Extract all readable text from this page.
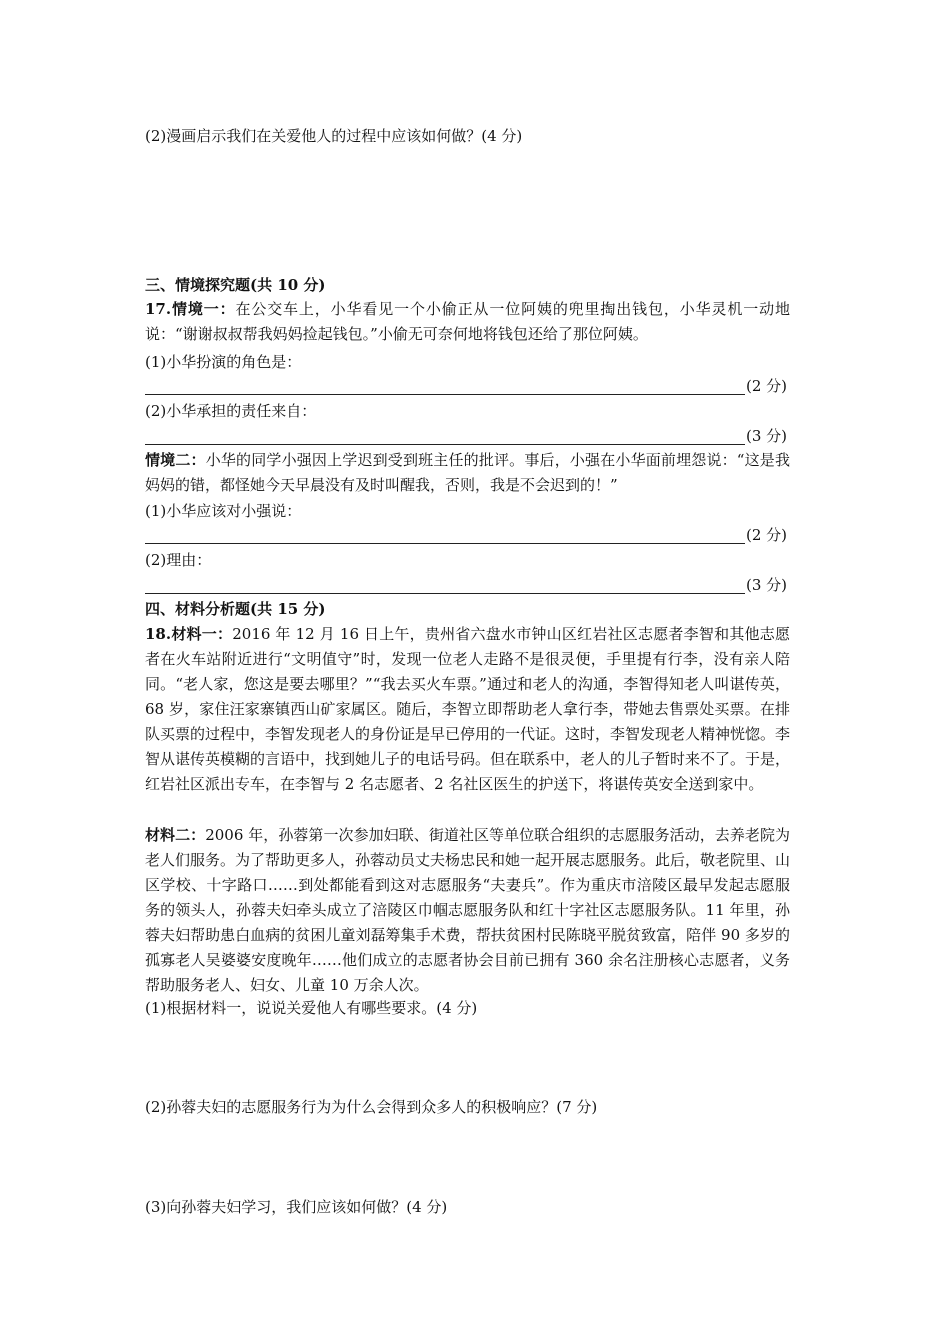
(2)漫画启示我们在关爱他人的过程中应该如何做？(4 分)
三、情境探究题(共 10 分)
17.情境一：在公交车上，小华看见一个小偷正从一位阿姨的兜里掏出钱包，小华灵机一动地说：“谢谢叔叔帮我妈妈捡起钱包。”小偷无可奈何地将钱包还给了那位阿姨。
(1)小华扮演的角色是：
(2 分)
(2)小华承担的责任来自：
(3 分)
情境二：小华的同学小强因上学迟到受到班主任的批评。事后，小强在小华面前埋怨说：“这是我妈妈的错，都怪她今天早晨没有及时叫醒我，否则，我是不会迟到的！”
(1)小华应该对小强说：
(2 分)
(2)理由：
(3 分)
四、材料分析题(共 15 分)
18.材料一：2016 年 12 月 16 日上午，贵州省六盘水市钟山区红岩社区志愿者李智和其他志愿者在火车站附近进行“文明值守”时，发现一位老人走路不是很灵便，手里提有行李，没有亲人陪同。“老人家，您这是要去哪里？”“我去买火车票。”通过和老人的沟通，李智得知老人叫谌传英，68 岁，家住汪家寨镇西山矿家属区。随后，李智立即帮助老人拿行李，带她去售票处买票。在排队买票的过程中，李智发现老人的身份证是早已停用的一代证。这时，李智发现老人精神恍惚。李智从谌传英模糊的言语中，找到她儿子的电话号码。但在联系中，老人的儿子暂时来不了。于是，红岩社区派出专车，在李智与 2 名志愿者、2 名社区医生的护送下，将谌传英安全送到家中。
材料二：2006 年，孙蓉第一次参加妇联、街道社区等单位联合组织的志愿服务活动，去养老院为老人们服务。为了帮助更多人，孙蓉动员丈夫杨忠民和她一起开展志愿服务。此后，敬老院里、山区学校、十字路口……到处都能看到这对志愿服务“夫妻兵”。作为重庆市涪陵区最早发起志愿服务的领头人，孙蓉夫妇牵头成立了涪陵区巾帼志愿服务队和红十字社区志愿服务队。11 年里，孙蓉夫妇帮助患白血病的贫困儿童刘磊筹集手术费，帮扶贫困村民陈晓平脱贫致富，陪伴 90 多岁的孤寡老人吴婆婆安度晚年……他们成立的志愿者协会目前已拥有 360 余名注册核心志愿者，义务帮助服务老人、妇女、儿童 10 万余人次。
(1)根据材料一，说说关爱他人有哪些要求。(4 分)
(2)孙蓉夫妇的志愿服务行为为什么会得到众多人的积极响应？(7 分)
(3)向孙蓉夫妇学习，我们应该如何做？(4 分)
